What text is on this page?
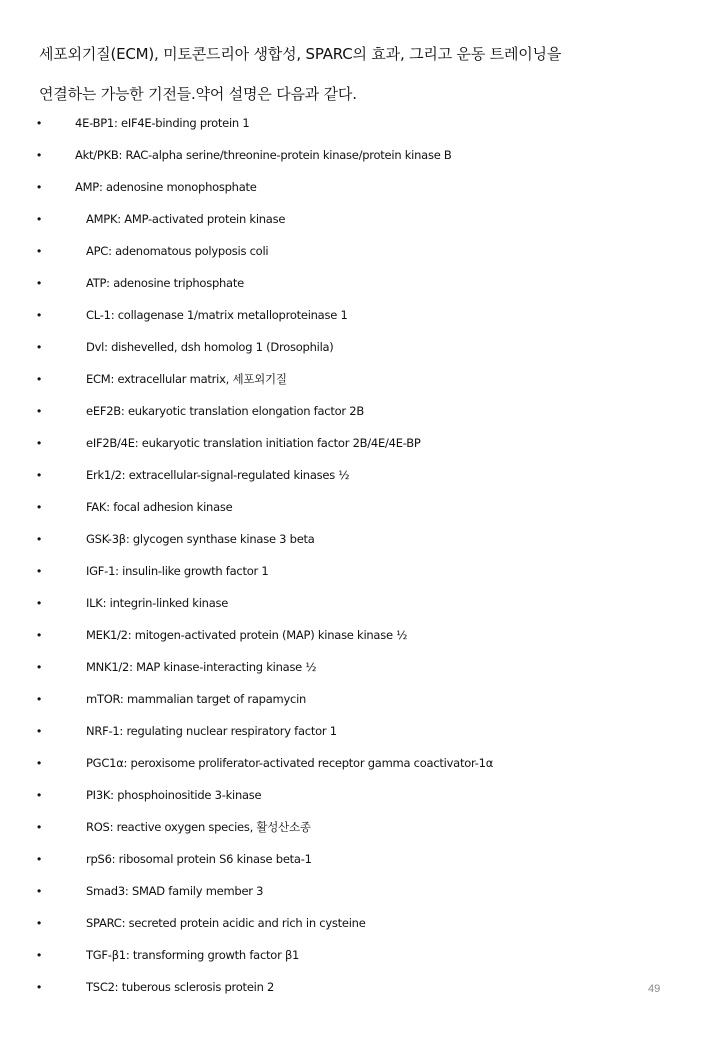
세포외기질(ECM), 미토콘드리아 생합성, SPARC의 효과, 그리고 운동 트레이닝을
연결하는 가능한 기전들.약어 설명은 다음과 같다.

•	4E-BP1: eIF4E-binding protein 1
•	Akt/PKB: RAC-alpha serine/threonine-protein kinase/protein kinase B
•	AMP: adenosine monophosphate
•	AMPK: AMP-activated protein kinase
•	APC: adenomatous polyposis coli
•	ATP: adenosine triphosphate
•	CL-1: collagenase 1/matrix metalloproteinase 1
•	Dvl: dishevelled, dsh homolog 1 (Drosophila)
•	ECM: extracellular matrix, 세포외기질
•	eEF2B: eukaryotic translation elongation factor 2B
•	eIF2B/4E: eukaryotic translation initiation factor 2B/4E/4E-BP
•	Erk1/2: extracellular-signal-regulated kinases ½
•	FAK: focal adhesion kinase
•	GSK-3β: glycogen synthase kinase 3 beta
•	IGF-1: insulin-like growth factor 1
•	ILK: integrin-linked kinase
•	MEK1/2: mitogen-activated protein (MAP) kinase kinase ½
•	MNK1/2: MAP kinase-interacting kinase ½
•	mTOR: mammalian target of rapamycin
•	NRF-1: regulating nuclear respiratory factor 1
•	PGC1α: peroxisome proliferator-activated receptor gamma coactivator-1α
•	PI3K: phosphoinositide 3-kinase
•	ROS: reactive oxygen species, 활성산소종
•	rpS6: ribosomal protein S6 kinase beta-1
•	Smad3: SMAD family member 3
•	SPARC: secreted protein acidic and rich in cysteine
•	TGF-β1: transforming growth factor β1
•	TSC2: tuberous sclerosis protein 2	49
